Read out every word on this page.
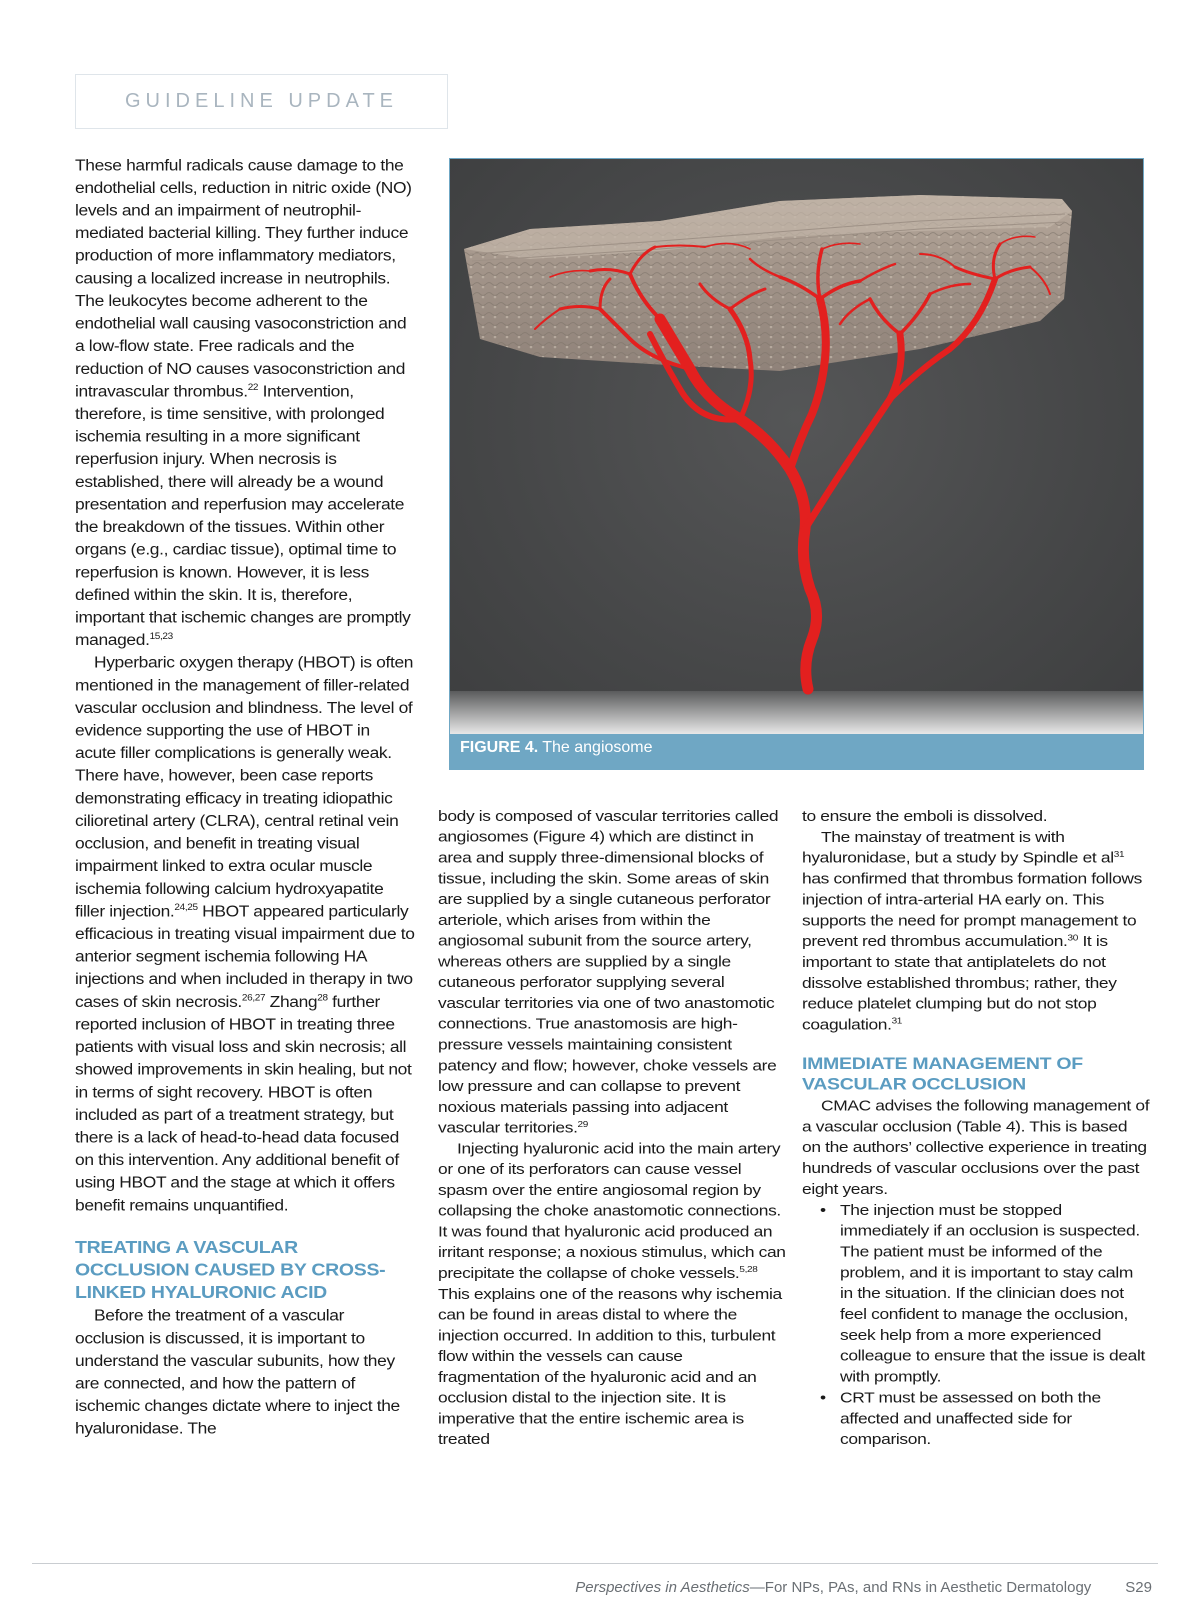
GUIDELINE UPDATE

These harmful radicals cause damage to the endothelial cells, reduction in nitric oxide (NO) levels and an impairment of neutrophil-mediated bacterial killing. They further induce production of more inflammatory mediators, causing a localized increase in neutrophils. The leukocytes become adherent to the endothelial wall causing vasoconstriction and a low-flow state. Free radicals and the reduction of NO causes vasoconstriction and intravascular thrombus.$^{22}$ Intervention, therefore, is time sensitive, with prolonged ischemia resulting in a more significant reperfusion injury. When necrosis is established, there will already be a wound presentation and reperfusion may accelerate the breakdown of the tissues. Within other organs (e.g., cardiac tissue), optimal time to reperfusion is known. However, it is less defined within the skin. It is, therefore, important that ischemic changes are promptly managed.$^{15,23}$

Hyperbaric oxygen therapy (HBOT) is often mentioned in the management of filler-related vascular occlusion and blindness. The level of evidence supporting the use of HBOT in acute filler complications is generally weak. There have, however, been case reports demonstrating efficacy in treating idiopathic cilioretinal artery (CLRA), central retinal vein occlusion, and benefit in treating visual impairment linked to extra ocular muscle ischemia following calcium hydroxyapatite filler injection.$^{24,25}$ HBOT appeared particularly efficacious in treating visual impairment due to anterior segment ischemia following HA injections and when included in therapy in two cases of skin necrosis.$^{26,27}$ Zhang$^{28}$ further reported inclusion of HBOT in treating three patients with visual loss and skin necrosis; all showed improvements in skin healing, but not in terms of sight recovery. HBOT is often included as part of a treatment strategy, but there is a lack of head-to-head data focused on this intervention. Any additional benefit of using HBOT and the stage at which it offers benefit remains unquantified.

TREATING A VASCULAR OCCLUSION CAUSED BY CROSS-LINKED HYALURONIC ACID

Before the treatment of a vascular occlusion is discussed, it is important to understand the vascular subunits, how they are connected, and how the pattern of ischemic changes dictate where to inject the hyaluronidase. The

FIGURE 4. The angiosome

body is composed of vascular territories called angiosomes (Figure 4) which are distinct in area and supply three-dimensional blocks of tissue, including the skin. Some areas of skin are supplied by a single cutaneous perforator arteriole, which arises from within the angiosomal subunit from the source artery, whereas others are supplied by a single cutaneous perforator supplying several vascular territories via one of two anastomotic connections. True anastomosis are high-pressure vessels maintaining consistent patency and flow; however, choke vessels are low pressure and can collapse to prevent noxious materials passing into adjacent vascular territories.$^{29}$

Injecting hyaluronic acid into the main artery or one of its perforators can cause vessel spasm over the entire angiosomal region by collapsing the choke anastomotic connections. It was found that hyaluronic acid produced an irritant response; a noxious stimulus, which can precipitate the collapse of choke vessels.$^{5,28}$ This explains one of the reasons why ischemia can be found in areas distal to where the injection occurred. In addition to this, turbulent flow within the vessels can cause fragmentation of the hyaluronic acid and an occlusion distal to the injection site. It is imperative that the entire ischemic area is treated

to ensure the emboli is dissolved.

The mainstay of treatment is with hyaluronidase, but a study by Spindle et $al^{31}$ has confirmed that thrombus formation follows injection of intra-arterial HA early on. This supports the need for prompt management to prevent red thrombus accumulation.$^{30}$ It is important to state that antiplatelets do not dissolve established thrombus; rather, they reduce platelet clumping but do not stop coagulation.$^{31}$

IMMEDIATE MANAGEMENT OF VASCULAR OCCLUSION

CMAC advises the following management of a vascular occlusion (Table 4). This is based on the authors’ collective experience in treating hundreds of vascular occlusions over the past eight years.

• The injection must be stopped immediately if an occlusion is suspected. The patient must be informed of the problem, and it is important to stay calm in the situation. If the clinician does not feel confident to manage the occlusion, seek help from a more experienced colleague to ensure that the issue is dealt with promptly.
• CRT must be assessed on both the affected and unaffected side for comparison.
Perspectives in Aesthetics—For NPs, PAs, and RNs in Aesthetic Dermatology S29
